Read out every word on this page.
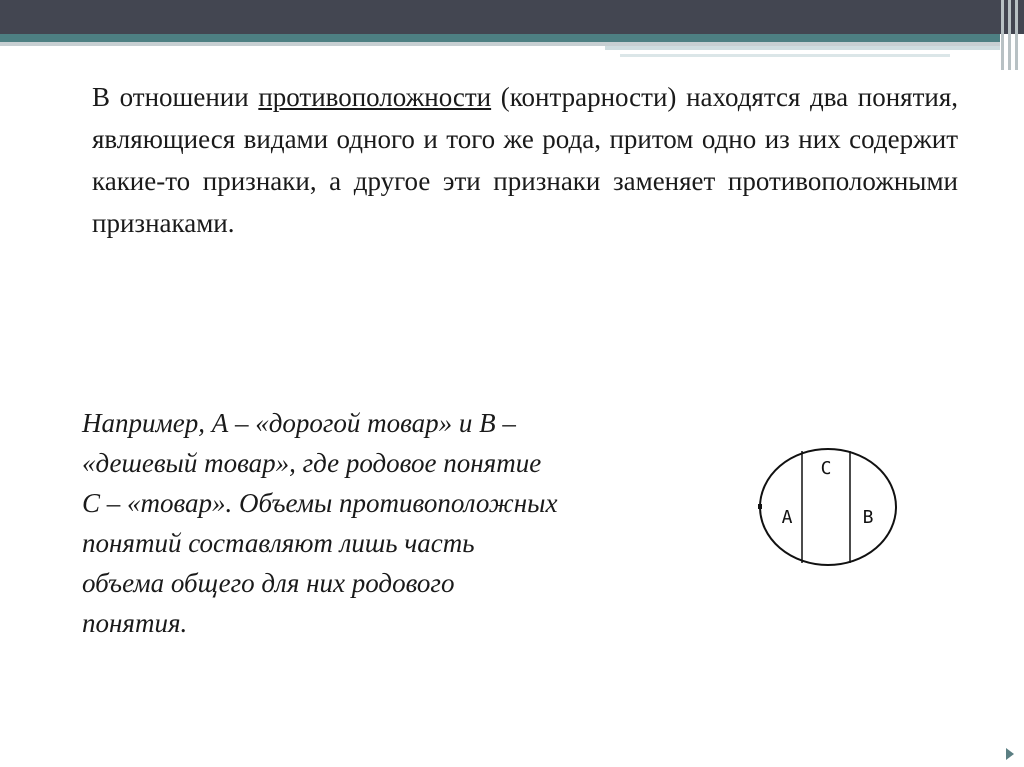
В отношении противоположности (контрарности) находятся два понятия, являющиеся видами одного и того же рода, притом одно из них содержит какие-то признаки, а другое эти признаки заменяет противоположными признаками.

Например, А – «дорогой товар» и В –
«дешевый товар», где родовое понятие
С – «товар». Объемы противоположных
понятий составляют лишь часть
объема общего для них родового
понятия.
С
А	В
